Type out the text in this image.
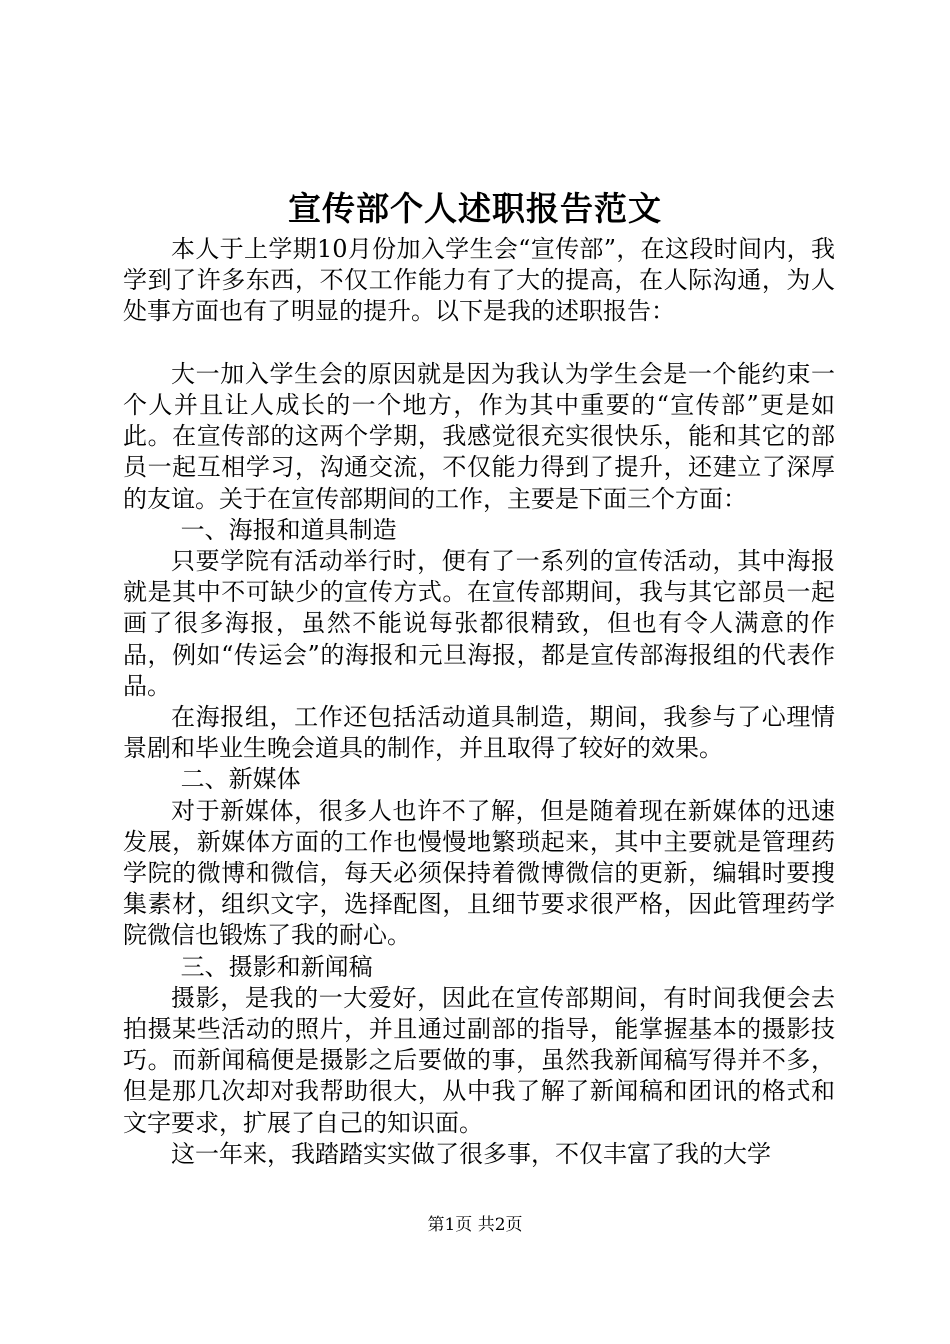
宣传部个人述职报告范文

本人于上学期10月份加入学生会“宣传部”，在这段时间内，我学到了许多东西，不仅工作能力有了大的提高，在人际沟通，为人处事方面也有了明显的提升。以下是我的述职报告：

大一加入学生会的原因就是因为我认为学生会是一个能约束一个人并且让人成长的一个地方，作为其中重要的“宣传部”更是如此。在宣传部的这两个学期，我感觉很充实很快乐，能和其它的部员一起互相学习，沟通交流，不仅能力得到了提升，还建立了深厚的友谊。关于在宣传部期间的工作，主要是下面三个方面：

一、海报和道具制造

只要学院有活动举行时，便有了一系列的宣传活动，其中海报就是其中不可缺少的宣传方式。在宣传部期间，我与其它部员一起画了很多海报，虽然不能说每张都很精致，但也有令人满意的作品，例如“传运会”的海报和元旦海报，都是宣传部海报组的代表作品。

在海报组，工作还包括活动道具制造，期间，我参与了心理情景剧和毕业生晚会道具的制作，并且取得了较好的效果。

二、新媒体

对于新媒体，很多人也许不了解，但是随着现在新媒体的迅速发展，新媒体方面的工作也慢慢地繁琐起来，其中主要就是管理药学院的微博和微信，每天必须保持着微博微信的更新，编辑时要搜集素材，组织文字，选择配图，且细节要求很严格，因此管理药学院微信也锻炼了我的耐心。

三、摄影和新闻稿

摄影，是我的一大爱好，因此在宣传部期间，有时间我便会去拍摄某些活动的照片，并且通过副部的指导，能掌握基本的摄影技巧。而新闻稿便是摄影之后要做的事，虽然我新闻稿写得并不多，但是那几次却对我帮助很大，从中我了解了新闻稿和团讯的格式和文字要求，扩展了自己的知识面。

这一年来，我踏踏实实做了很多事，不仅丰富了我的大学

第1页 共2页
